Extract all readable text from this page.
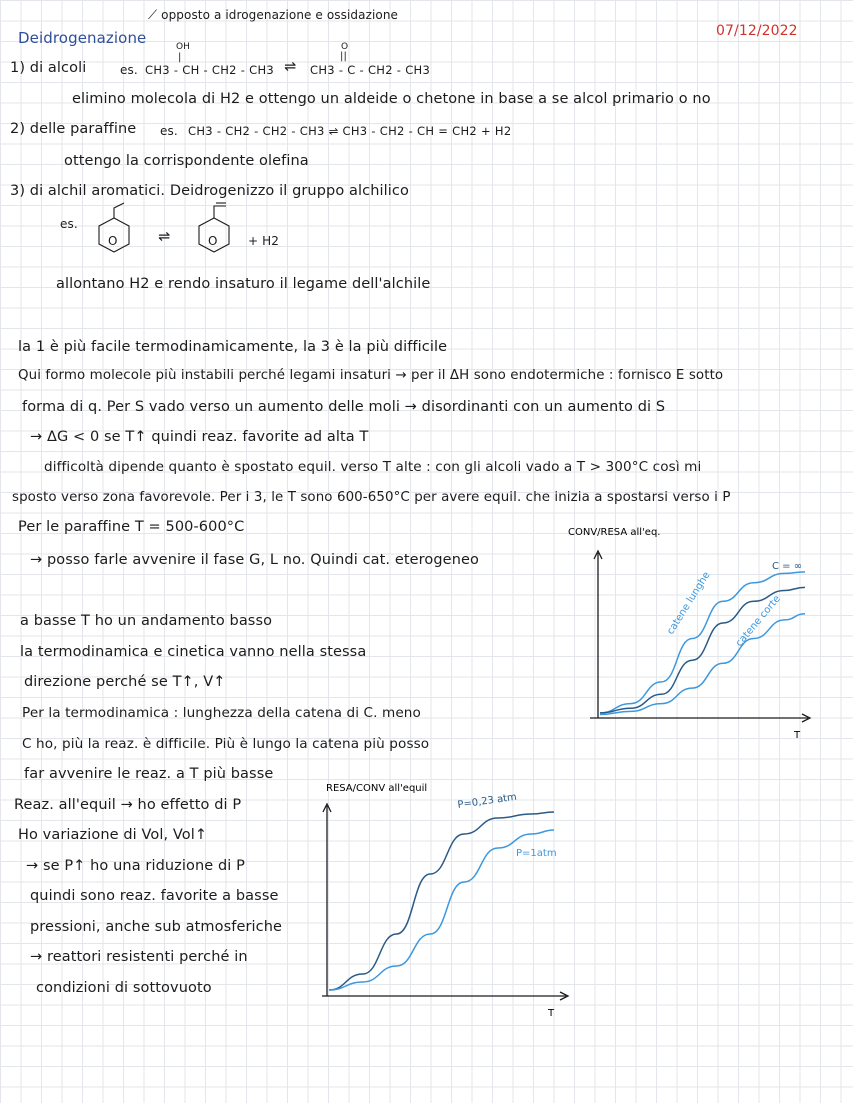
Deidrogenazione
⟋ opposto a idrogenazione e ossidazione
07/12/2022
OH	O
||
|
1) di alcoli	es. CH3 - CH - CH2 - CH3 ⇌ CH3 - C - CH2 - CH3
elimino molecola di H2 e ottengo un aldeide o chetone in base a se alcol primario o no
2) delle paraffine es. CH3 - CH2 - CH2 - CH3 ⇌ CH3 - CH2 - CH = CH2 + H2
ottengo la corrispondente olefina
3) di alchil aromatici. Deidrogenizzo il gruppo alchilico
es.
O	O
⇌	+ H2
allontano H2 e rendo insaturo il legame dell'alchile
la 1 è più facile termodinamicamente, la 3 è la più difficile
Qui formo molecole più instabili perché legami insaturi → per il ΔH sono endotermiche : fornisco E sotto
forma di q. Per S vado verso un aumento delle moli → disordinanti con un aumento di S
→ ΔG < 0 se T↑ quindi reaz. favorite ad alta T
difficoltà dipende quanto è spostato equil. verso T alte : con gli alcoli vado a T > 300°C così mi
sposto verso zona favorevole. Per i 3, le T sono 600-650°C per avere equil. che inizia a spostarsi verso i P
Per le paraffine T = 500-600°C
→ posso farle avvenire il fase G, L no. Quindi cat. eterogeneo
a basse T ho un andamento basso
la termodinamica e cinetica vanno nella stessa
direzione perché se T↑, V↑
Per la termodinamica : lunghezza della catena di C. meno
C ho, più la reaz. è difficile. Più è lungo la catena più posso
far avvenire le reaz. a T più basse
Reaz. all'equil → ho effetto di P
Ho variazione di Vol, Vol↑
→ se P↑ ho una riduzione di P
quindi sono reaz. favorite a basse
pressioni, anche sub atmosferiche
→ reattori resistenti perché in
condizioni di sottovuoto
CONV/RESA all'eq.
T
catene lunghe
C = ∞
catene corte
RESA/CONV all'equil
T
P=0,23 atm
P=1atm
